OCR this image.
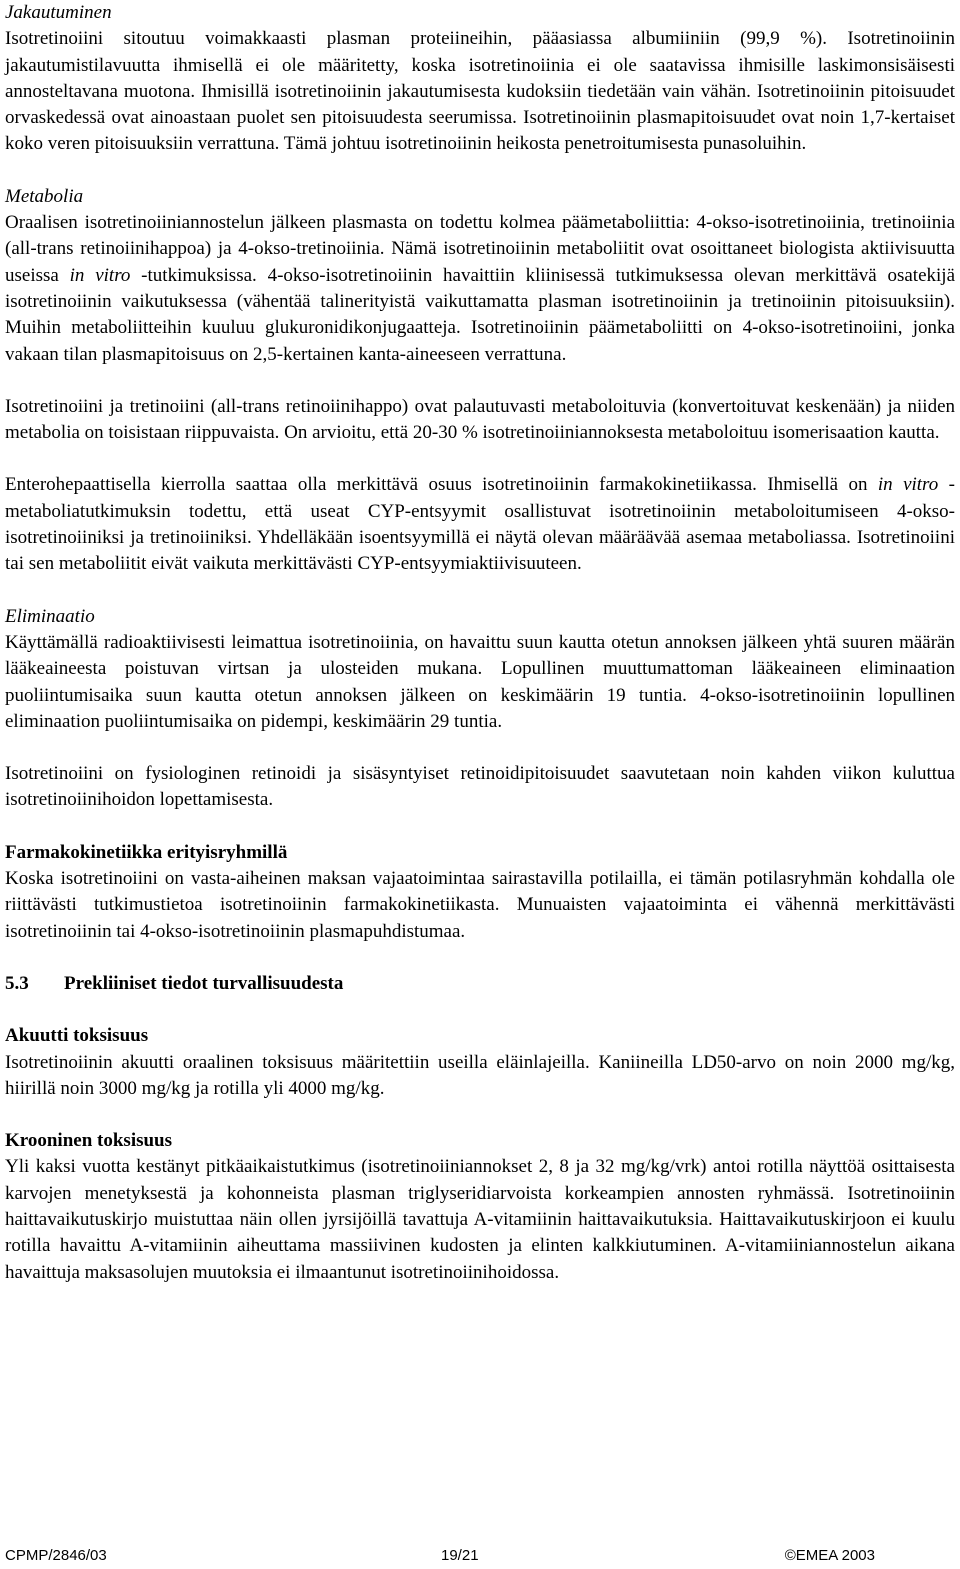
Jakautuminen

Isotretinoiini sitoutuu voimakkaasti plasman proteiineihin, pääasiassa albumiiniin (99,9 %). Isotretinoiinin jakautumistilavuutta ihmisellä ei ole määritetty, koska isotretinoiinia ei ole saatavissa ihmisille laskimonsisäisesti annosteltavana muotona. Ihmisillä isotretinoiinin jakautumisesta kudoksiin tiedetään vain vähän. Isotretinoiinin pitoisuudet orvaskedessä ovat ainoastaan puolet sen pitoisuudesta seerumissa. Isotretinoiinin plasmapitoisuudet ovat noin 1,7-kertaiset koko veren pitoisuuksiin verrattuna. Tämä johtuu isotretinoiinin heikosta penetroitumisesta punasoluihin.

Metabolia

Oraalisen isotretinoiiniannostelun jälkeen plasmasta on todettu kolmea päämetaboliittia: 4-okso-isotretinoiinia, tretinoiinia (all-trans retinoiinihappoa) ja 4-okso-tretinoiinia. Nämä isotretinoiinin metaboliitit ovat osoittaneet biologista aktiivisuutta useissa in vitro -tutkimuksissa. 4-okso-isotretinoiinin havaittiin kliinisessä tutkimuksessa olevan merkittävä osatekijä isotretinoiinin vaikutuksessa (vähentää talinerityistä vaikuttamatta plasman isotretinoiinin ja tretinoiinin pitoisuuksiin). Muihin metaboliitteihin kuuluu glukuronidikonjugaatteja. Isotretinoiinin päämetaboliitti on 4-okso-isotretinoiini, jonka vakaan tilan plasmapitoisuus on 2,5-kertainen kanta-aineeseen verrattuna.

Isotretinoiini ja tretinoiini (all-trans retinoiinihappo) ovat palautuvasti metaboloituvia (konvertoituvat keskenään) ja niiden metabolia on toisistaan riippuvaista. On arvioitu, että 20-30 % isotretinoiiniannoksesta metaboloituu isomerisaation kautta.

Enterohepaattisella kierrolla saattaa olla merkittävä osuus isotretinoiinin farmakokinetiikassa. Ihmisellä on in vitro -metaboliatutkimuksin todettu, että useat CYP-entsyymit osallistuvat isotretinoiinin metaboloitumiseen 4-okso-isotretinoiiniksi ja tretinoiiniksi. Yhdelläkään isoentsyymillä ei näytä olevan määräävää asemaa metaboliassa. Isotretinoiini tai sen metaboliitit eivät vaikuta merkittävästi CYP-entsyymiaktiivisuuteen.

Eliminaatio

Käyttämällä radioaktiivisesti leimattua isotretinoiinia, on havaittu suun kautta otetun annoksen jälkeen yhtä suuren määrän lääkeaineesta poistuvan virtsan ja ulosteiden mukana. Lopullinen muuttumattoman lääkeaineen eliminaation puoliintumisaika suun kautta otetun annoksen jälkeen on keskimäärin 19 tuntia. 4-okso-isotretinoiinin lopullinen eliminaation puoliintumisaika on pidempi, keskimäärin 29 tuntia.

Isotretinoiini on fysiologinen retinoidi ja sisäsyntyiset retinoidipitoisuudet saavutetaan noin kahden viikon kuluttua isotretinoiinihoidon lopettamisesta.

Farmakokinetiikka erityisryhmillä

Koska isotretinoiini on vasta-aiheinen maksan vajaatoimintaa sairastavilla potilailla, ei tämän potilasryhmän kohdalla ole riittävästi tutkimustietoa isotretinoiinin farmakokinetiikasta. Munuaisten vajaatoiminta ei vähennä merkittävästi isotretinoiinin tai 4-okso-isotretinoiinin plasmapuhdistumaa.

5.3 Prekliiniset tiedot turvallisuudesta

Akuutti toksisuus

Isotretinoiinin akuutti oraalinen toksisuus määritettiin useilla eläinlajeilla. Kaniineilla LD50-arvo on noin 2000 mg/kg, hiirillä noin 3000 mg/kg ja rotilla yli 4000 mg/kg.

Krooninen toksisuus

Yli kaksi vuotta kestänyt pitkäaikaistutkimus (isotretinoiiniannokset 2, 8 ja 32 mg/kg/vrk) antoi rotilla näyttöä osittaisesta karvojen menetyksestä ja kohonneista plasman triglyseridiarvoista korkeampien annosten ryhmässä. Isotretinoiinin haittavaikutuskirjo muistuttaa näin ollen jyrsijöillä tavattuja A-vitamiinin haittavaikutuksia. Haittavaikutuskirjoon ei kuulu rotilla havaittu A-vitamiinin aiheuttama massiivinen kudosten ja elinten kalkkiutuminen. A-vitamiiniannostelun aikana havaittuja maksasolujen muutoksia ei ilmaantunut isotretinoiinihoidossa.

CPMP/2846/03	19/21	©EMEA 2003
